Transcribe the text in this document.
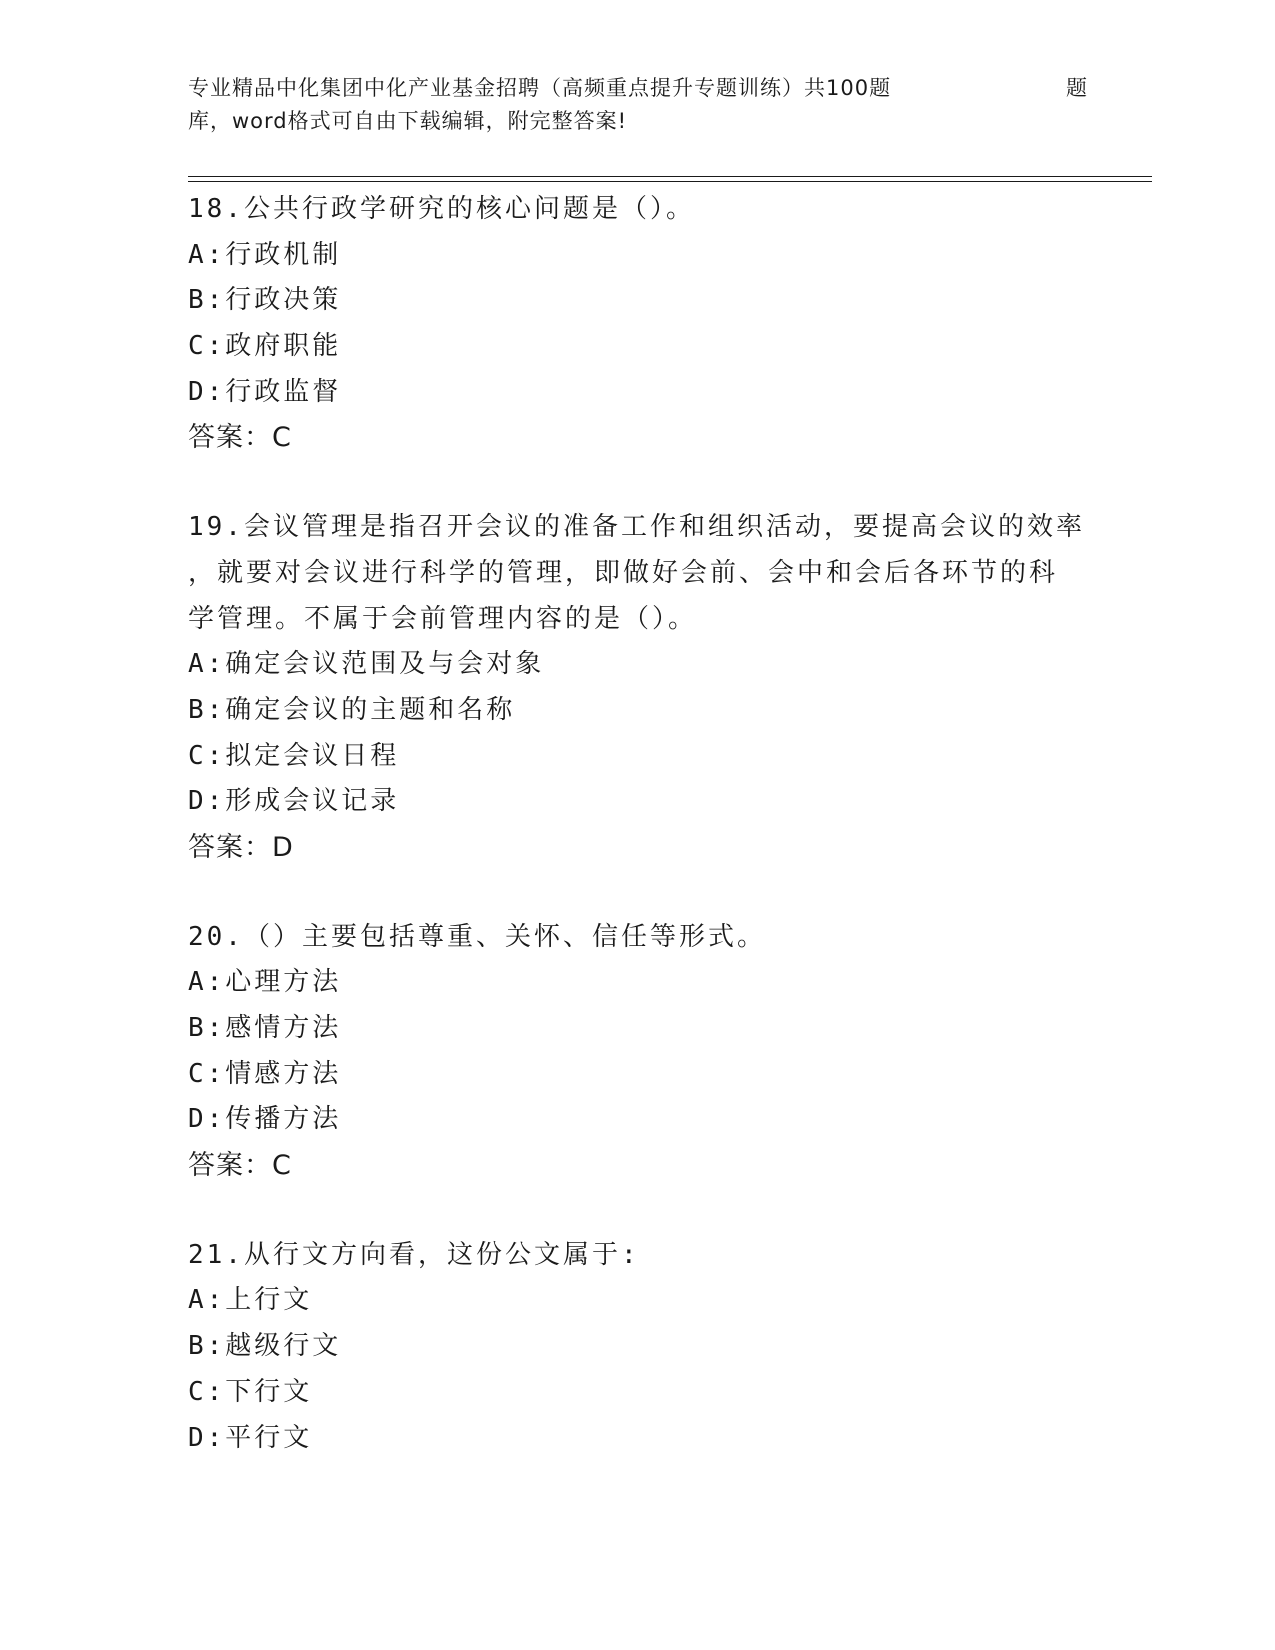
专业精品中化集团中化产业基金招聘（高频重点提升专题训练）共100题	题
库，word格式可自由下载编辑，附完整答案!
18.公共行政学研究的核心问题是（）。
A:行政机制
B:行政决策
C:政府职能
D:行政监督
答案：C
19.会议管理是指召开会议的准备工作和组织活动，要提高会议的效率
，就要对会议进行科学的管理，即做好会前、会中和会后各环节的科
学管理。不属于会前管理内容的是（）。
A:确定会议范围及与会对象
B:确定会议的主题和名称
C:拟定会议日程
D:形成会议记录
答案：D
20.（）主要包括尊重、关怀、信任等形式。
A:心理方法
B:感情方法
C:情感方法
D:传播方法
答案：C
21.从行文方向看，这份公文属于:
A:上行文
B:越级行文
C:下行文
D:平行文
